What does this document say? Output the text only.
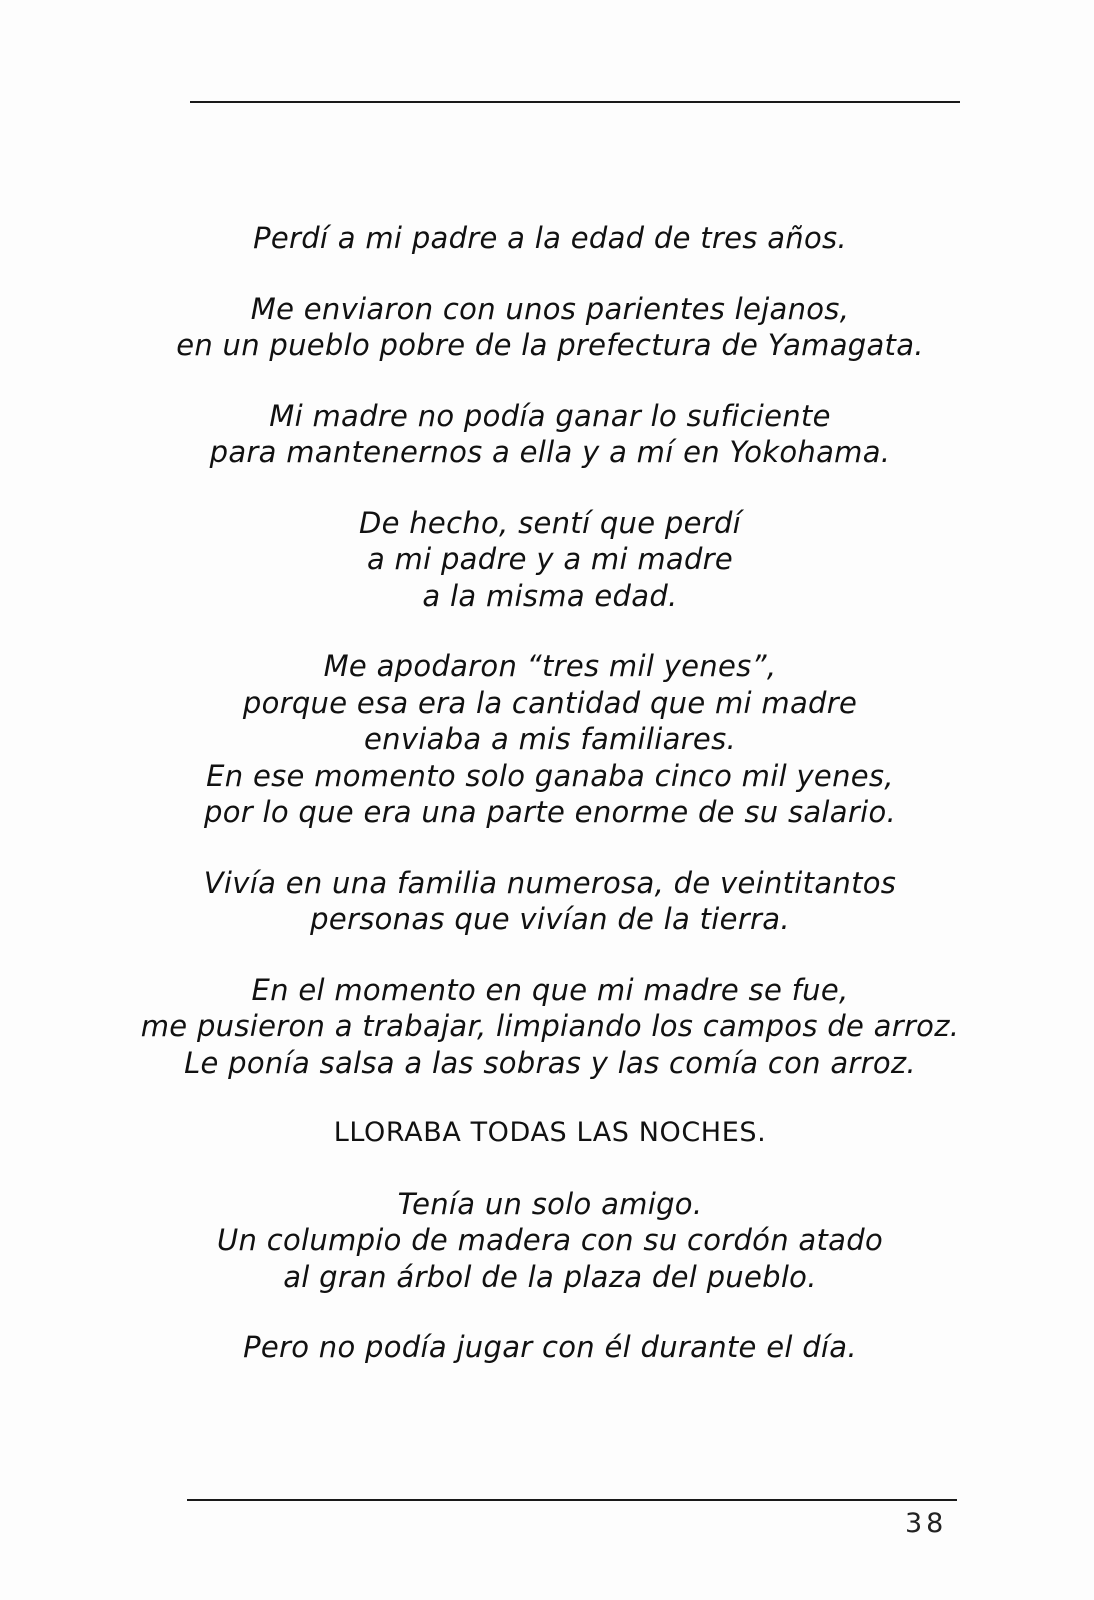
Perdí a mi padre a la edad de tres años.
Me enviaron con unos parientes lejanos,
en un pueblo pobre de la prefectura de Yamagata.
Mi madre no podía ganar lo suficiente
para mantenernos a ella y a mí en Yokohama.
De hecho, sentí que perdí
a mi padre y a mi madre
a la misma edad.
Me apodaron “tres mil yenes”,
porque esa era la cantidad que mi madre
enviaba a mis familiares.
En ese momento solo ganaba cinco mil yenes,
por lo que era una parte enorme de su salario.
Vivía en una familia numerosa, de veintitantos
personas que vivían de la tierra.
En el momento en que mi madre se fue,
me pusieron a trabajar, limpiando los campos de arroz.
Le ponía salsa a las sobras y las comía con arroz.
LLORABA TODAS LAS NOCHES.
Tenía un solo amigo.
Un columpio de madera con su cordón atado
al gran árbol de la plaza del pueblo.
Pero no podía jugar con él durante el día.
38
